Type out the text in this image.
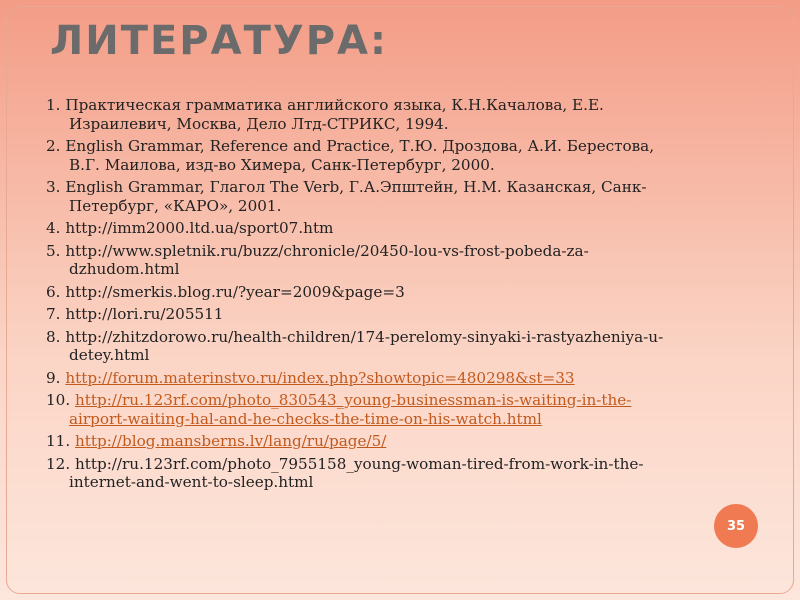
ЛИТЕРАТУРА:
1. Практическая грамматика английского языка, К.Н.Качалова, Е.Е. Израилевич, Москва, Дело Лтд-СТРИКС, 1994.
2. English Grammar, Reference and Practice, Т.Ю. Дроздова, А.И. Берестова, В.Г. Маилова, изд-во Химера, Санк-Петербург, 2000.
3. English Grammar, Глагол The Verb, Г.А.Эпштейн, Н.М. Казанская, Санк-Петербург, «КАРО», 2001.
4. http://imm2000.ltd.ua/sport07.htm
5. http://www.spletnik.ru/buzz/chronicle/20450-lou-vs-frost-pobeda-za-dzhudom.html
6. http://smerkis.blog.ru/?year=2009&page=3
7. http://lori.ru/205511
8. http://zhitzdorowo.ru/health-children/174-perelomy-sinyaki-i-rastyazheniya-u-detey.html
9. http://forum.materinstvo.ru/index.php?showtopic=480298&st=33
10. http://ru.123rf.com/photo_830543_young-businessman-is-waiting-in-the-airport-waiting-hal-and-he-checks-the-time-on-his-watch.html
11. http://blog.mansberns.lv/lang/ru/page/5/
12. http://ru.123rf.com/photo_7955158_young-woman-tired-from-work-in-the-internet-and-went-to-sleep.html
35
